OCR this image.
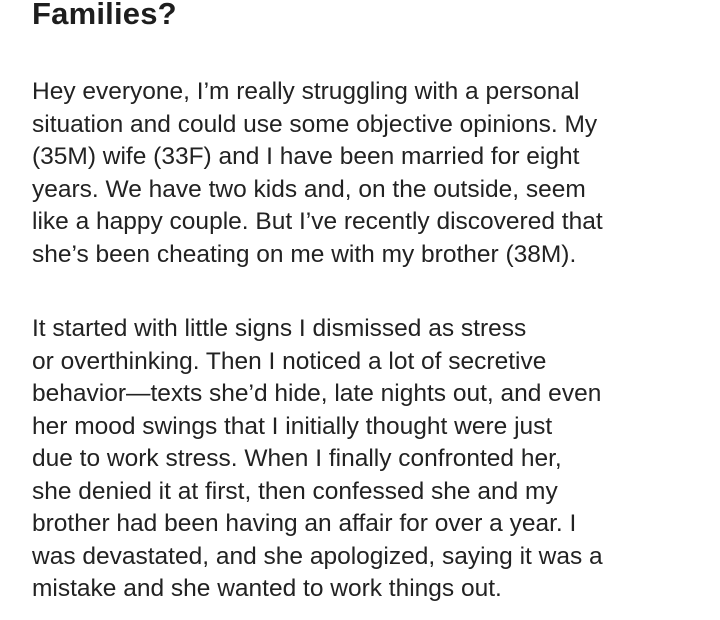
Families?

Hey everyone, I’m really struggling with a personal
situation and could use some objective opinions. My
(35M) wife (33F) and I have been married for eight
years. We have two kids and, on the outside, seem
like a happy couple. But I’ve recently discovered that
she’s been cheating on me with my brother (38M).

It started with little signs I dismissed as stress
or overthinking. Then I noticed a lot of secretive
behavior—texts she’d hide, late nights out, and even
her mood swings that I initially thought were just
due to work stress. When I finally confronted her,
she denied it at first, then confessed she and my
brother had been having an affair for over a year. I
was devastated, and she apologized, saying it was a
mistake and she wanted to work things out.
